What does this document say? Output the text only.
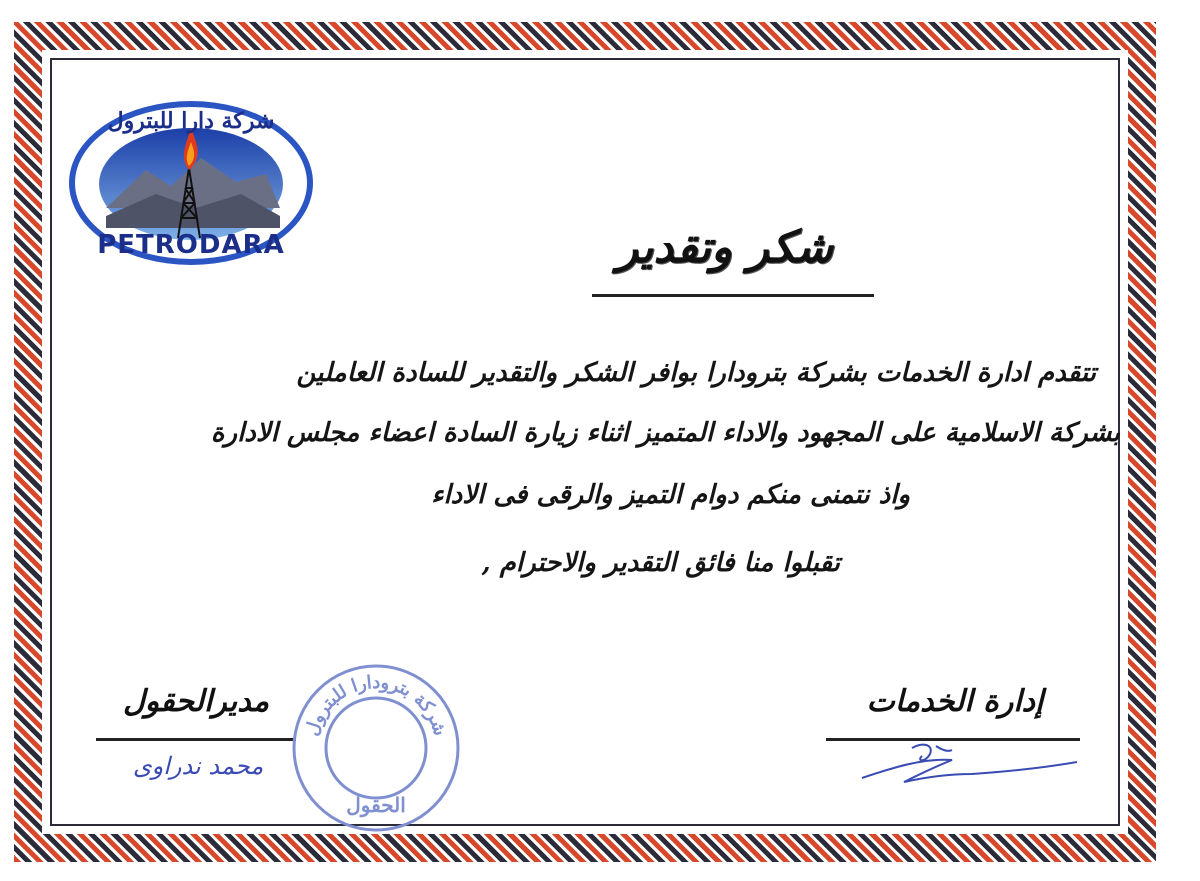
شركة دارا للبترول
PETRODARA	شكر وتقدير
تتقدم ادارة الخدمات بشركة بترودارا بوافر الشكر والتقدير للسادة العاملين
بشركة الاسلامية على المجهود والاداء المتميز اثناء زيارة السادة اعضاء مجلس الادارة
واذ نتمنى منكم دوام التميز والرقى فى الاداء
تقبلوا منا فائق التقدير والاحترام ,
مديرالحقول
محمد ندراوى
إدارة الخدمات
شركة بترودارا للبترول
الحقول
